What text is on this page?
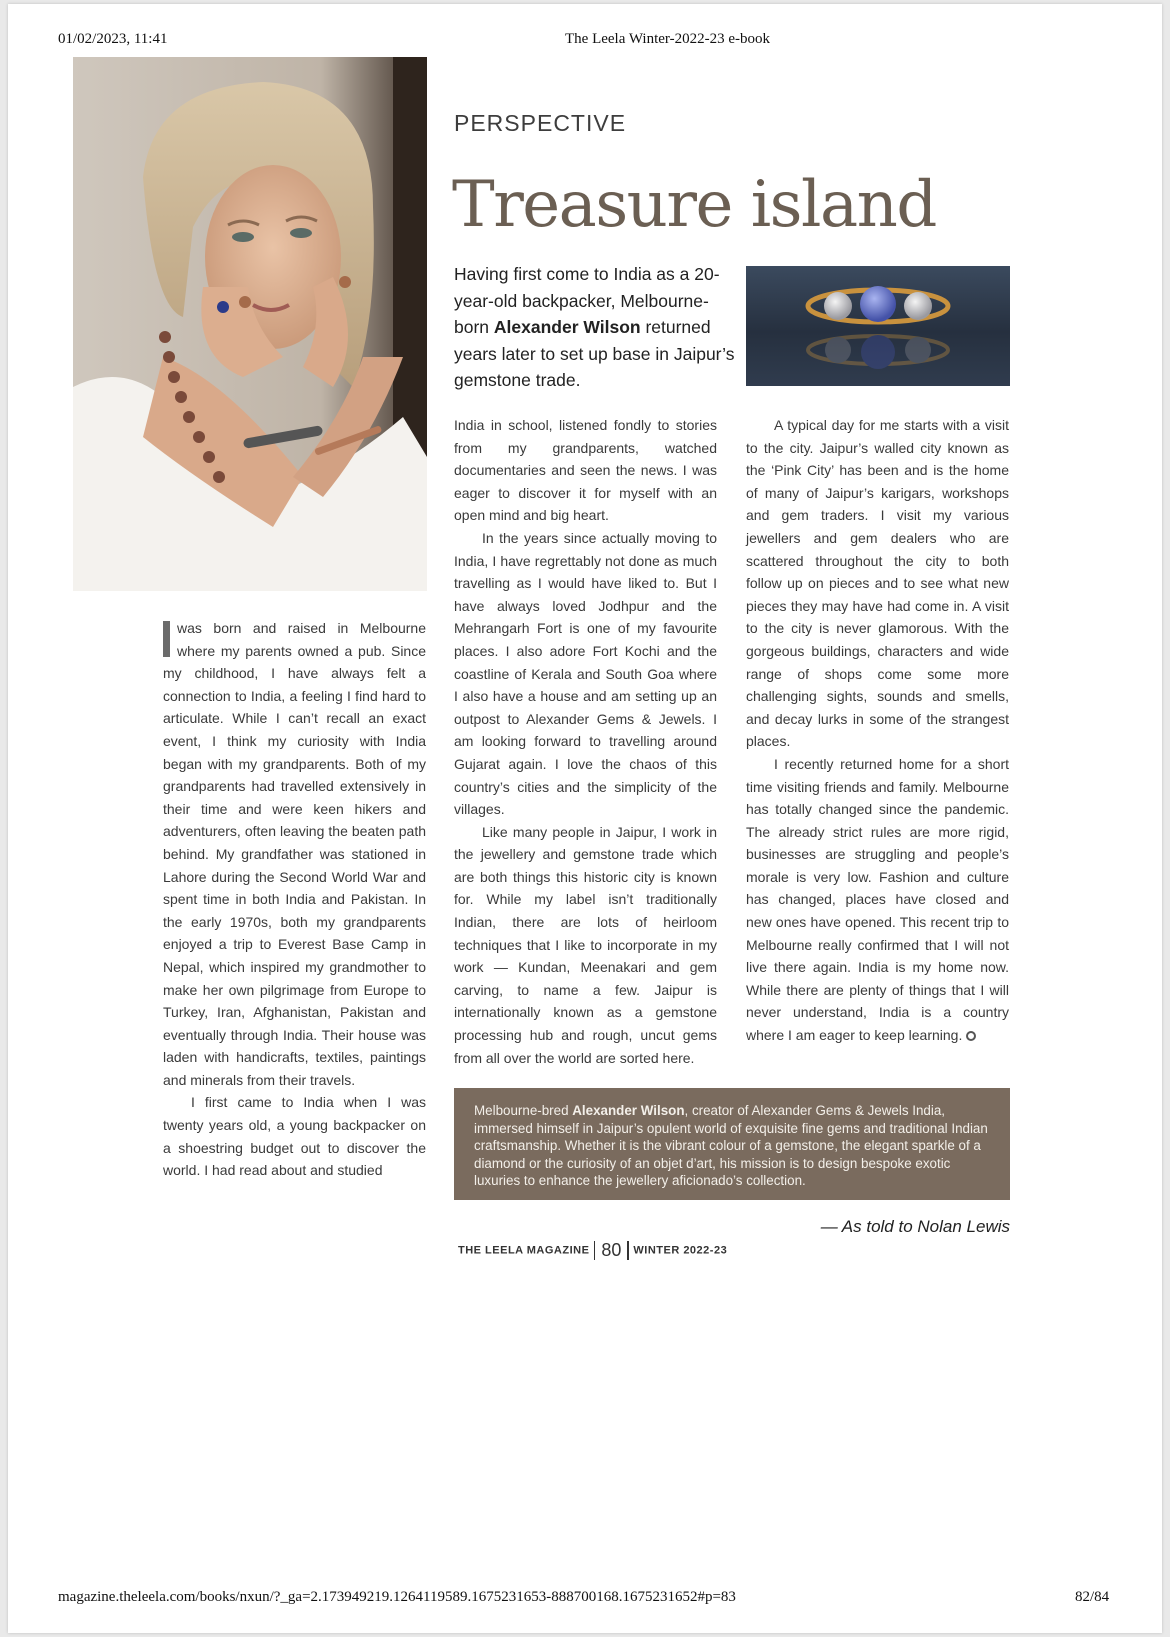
01/02/2023, 11:41	The Leela Winter-2022-23 e-book
PERSPECTIVE
Treasure island
Having first come to India as a 20-year-old backpacker, Melbourne-born Alexander Wilson returned years later to set up base in Jaipur’s gemstone trade.

was born and raised in Melbourne where my parents owned a pub. Since my childhood, I have always felt a connection to India, a feeling I find hard to articulate. While I can’t recall an exact event, I think my curiosity with India began with my grandparents. Both of my grandparents had travelled extensively in their time and were keen hikers and adventurers, often leaving the beaten path behind. My grandfather was stationed in Lahore during the Second World War and spent time in both India and Pakistan. In the early 1970s, both my grandparents enjoyed a trip to Everest Base Camp in Nepal, which inspired my grandmother to make her own pilgrimage from Europe to Turkey, Iran, Afghanistan, Pakistan and eventually through India. Their house was laden with handicrafts, textiles, paintings and minerals from their travels.

I first came to India when I was twenty years old, a young backpacker on a shoestring budget out to discover the world. I had read about and studied

India in school, listened fondly to stories from my grandparents, watched documentaries and seen the news. I was eager to discover it for myself with an open mind and big heart.

In the years since actually moving to India, I have regrettably not done as much travelling as I would have liked to. But I have always loved Jodhpur and the Mehrangarh Fort is one of my favourite places. I also adore Fort Kochi and the coastline of Kerala and South Goa where I also have a house and am setting up an outpost to Alexander Gems & Jewels. I am looking forward to travelling around Gujarat again. I love the chaos of this country’s cities and the simplicity of the villages.

Like many people in Jaipur, I work in the jewellery and gemstone trade which are both things this historic city is known for. While my label isn’t traditionally Indian, there are lots of heirloom techniques that I like to incorporate in my work — Kundan, Meenakari and gem carving, to name a few. Jaipur is internationally known as a gemstone processing hub and rough, uncut gems from all over the world are sorted here.

A typical day for me starts with a visit to the city. Jaipur’s walled city known as the ‘Pink City’ has been and is the home of many of Jaipur’s karigars, workshops and gem traders. I visit my various jewellers and gem dealers who are scattered throughout the city to both follow up on pieces and to see what new pieces they may have had come in. A visit to the city is never glamorous. With the gorgeous buildings, characters and wide range of shops come some more challenging sights, sounds and smells, and decay lurks in some of the strangest places.

I recently returned home for a short time visiting friends and family. Melbourne has totally changed since the pandemic. The already strict rules are more rigid, businesses are struggling and people’s morale is very low. Fashion and culture has changed, places have closed and new ones have opened. This recent trip to Melbourne really confirmed that I will not live there again. India is my home now. While there are plenty of things that I will never understand, India is a country where I am eager to keep learning.

Melbourne-bred Alexander Wilson, creator of Alexander Gems & Jewels India, immersed himself in Jaipur’s opulent world of exquisite fine gems and traditional Indian craftsmanship. Whether it is the vibrant colour of a gemstone, the elegant sparkle of a diamond or the curiosity of an objet d’art, his mission is to design bespoke exotic luxuries to enhance the jewellery aficionado’s collection.
— As told to Nolan Lewis
THE LEELA MAGAZINE 80 WINTER 2022-23
magazine.theleela.com/books/nxun/?_ga=2.173949219.1264119589.1675231653-888700168.1675231652#p=83	82/84
